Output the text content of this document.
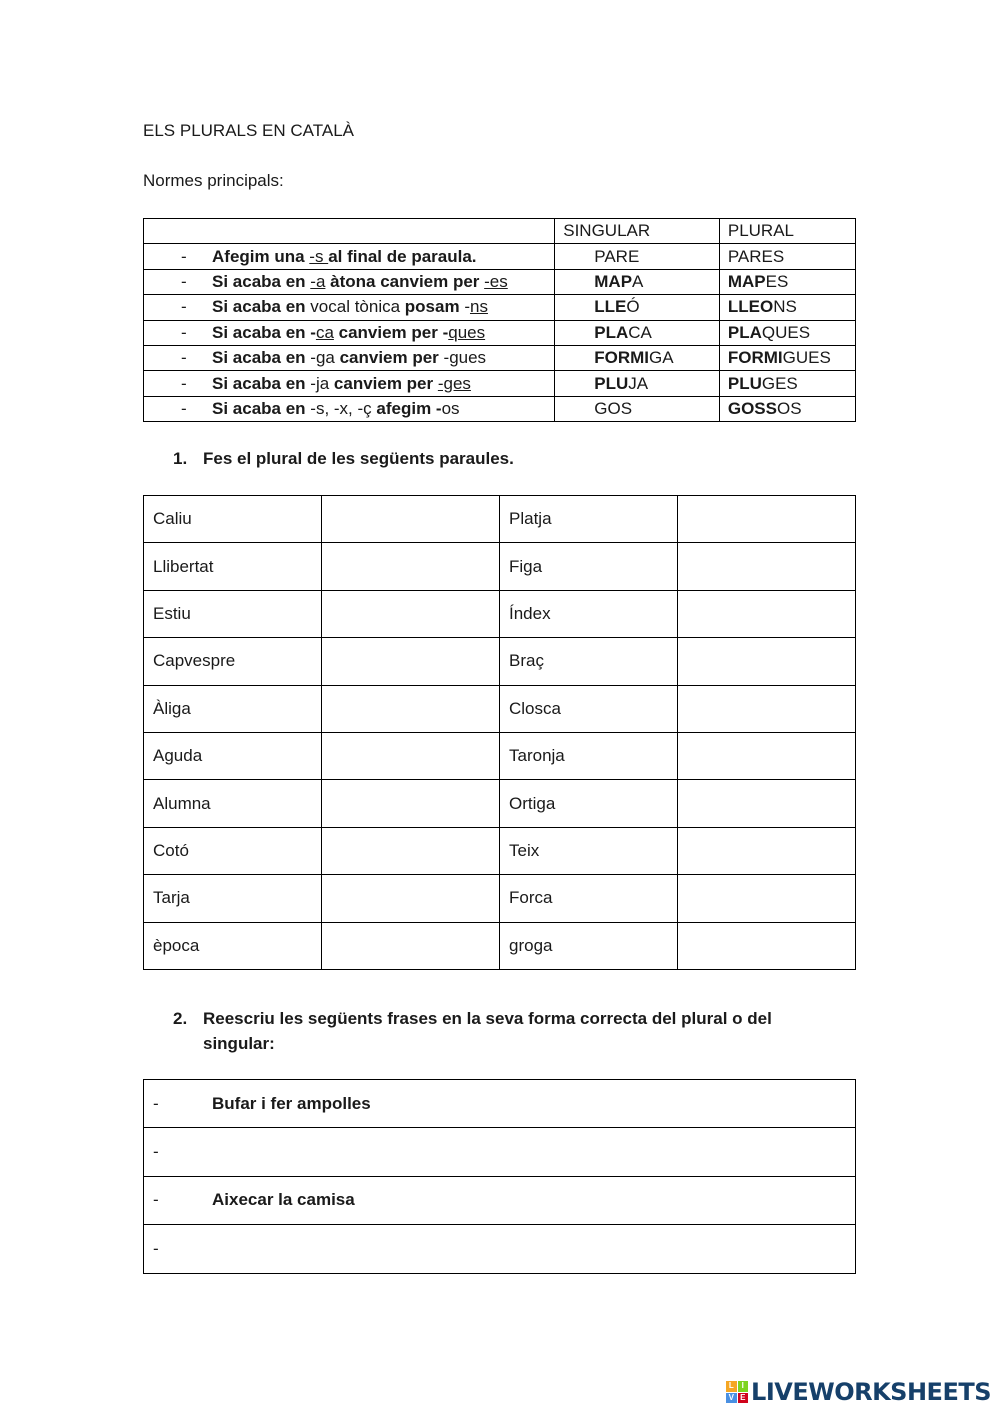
ELS PLURALS EN CATALÀ
Normes principals:
	SINGULAR	PLURAL
- Afegim una -s al final de paraula.	PARE	PARES
- Si acaba en -a àtona canviem per -es	MAPA	MAPES
- Si acaba en vocal tònica posam -ns	LLEÓ	LLEONS
- Si acaba en -ca canviem per -ques	PLACA	PLAQUES
- Si acaba en -ga canviem per -gues	FORMIGA	FORMIGUES
- Si acaba en -ja canviem per -ges	PLUJA	PLUGES
- Si acaba en -s, -x, -ç afegim -os	GOS	GOSSOS
1. Fes el plural de les següents paraules.
Caliu		Platja	
Llibertat		Figa	
Estiu		Índex	
Capvespre		Braç	
Àliga		Closca	
Aguda		Taronja	
Alumna		Ortiga	
Cotó		Teix	
Tarja		Forca	
època		groga	
2. Reescriu les següents frases en la seva forma correcta del plural o del singular:
-	Bufar i fer ampolles
-
-	Aixecar la camisa
-
L I
V E LIVEWORKSHEETS
